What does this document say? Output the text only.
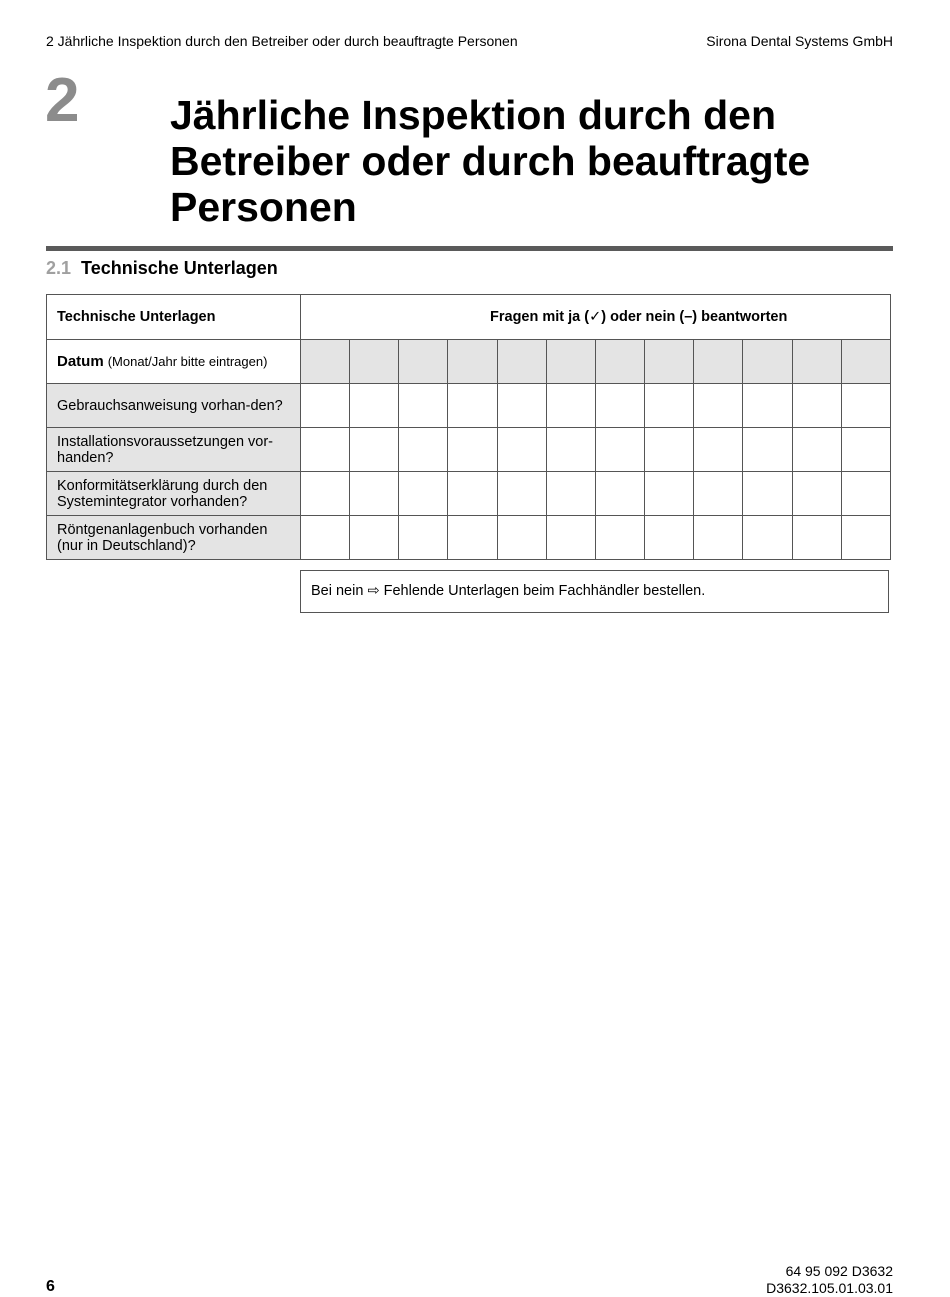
2 Jährliche Inspektion durch den Betreiber oder durch beauftragte Personen	Sirona Dental Systems GmbH
2 Jährliche Inspektion durch den Betreiber oder durch beauftragte Personen
2.1 Technische Unterlagen
Technische Unterlagen	Fragen mit ja (✓) oder nein (–) beantworten											
Datum (Monat/Jahr bitte eintragen)												
Gebrauchsanweisung vorhan-den?												
Installationsvoraussetzungen vor-handen?												
Konformitätserklärung durch den Systemintegrator vorhanden?												
Röntgenanlagenbuch vorhanden (nur in Deutschland)?												
Bei nein ⇨ Fehlende Unterlagen beim Fachhändler bestellen.
6
64 95 092 D3632
D3632.105.01.03.01
